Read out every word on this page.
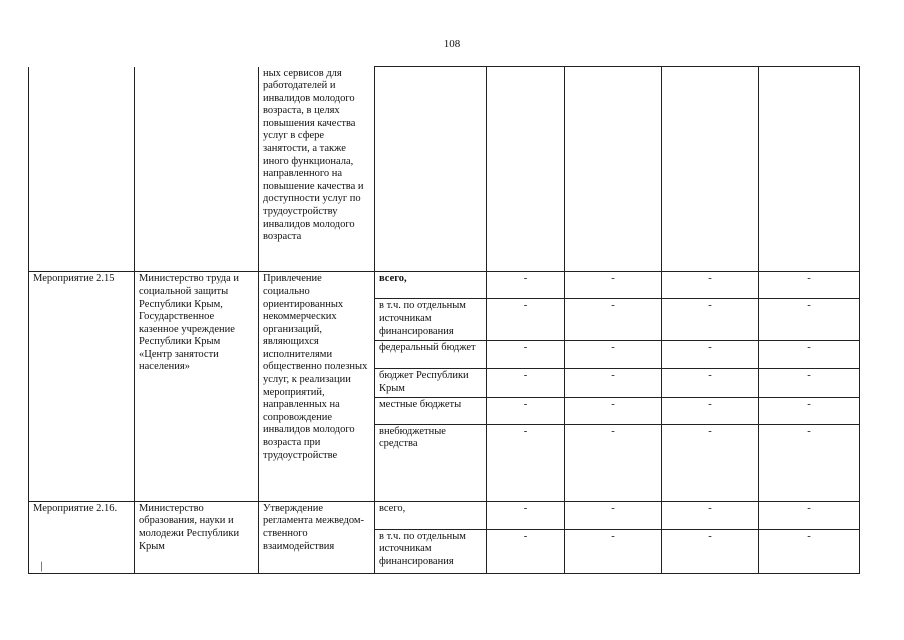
108
		ных сервисов для работодателей и инвалидов молодого возраста, в целях повышения качества услуг в сфере занятости, а также иного функционала, направленного на повышение качества и доступности услуг по трудоустройству инвалидов молодого возраста					
Мероприятие 2.15	Министерство труда и социальной защиты Республики Крым, Государственное казенное учреждение Республики Крым «Центр занятости населения»	Привлечение социально ориентированных некоммерческих организаций, являющихся исполнителями общественно полезных услуг, к реализации мероприятий, направленных на сопровождение инвалидов молодого возраста при трудоустройстве	всего,	-	-	-	-
			в т.ч. по отдельным источникам финансирования	-	-	-	-
			федеральный бюджет	-	-	-	-
			бюджет Республики Крым	-	-	-	-
			местные бюджеты	-	-	-	-
			внебюджетные средства	-	-	-	-
Мероприятие 2.16.	Министерство образования, науки и молодежи Республики Крым	Утверждение регламента межведом-ственного взаимодействия	всего,	-	-	-	-
			в т.ч. по отдельным источникам финансирования	-	-	-	-
/
